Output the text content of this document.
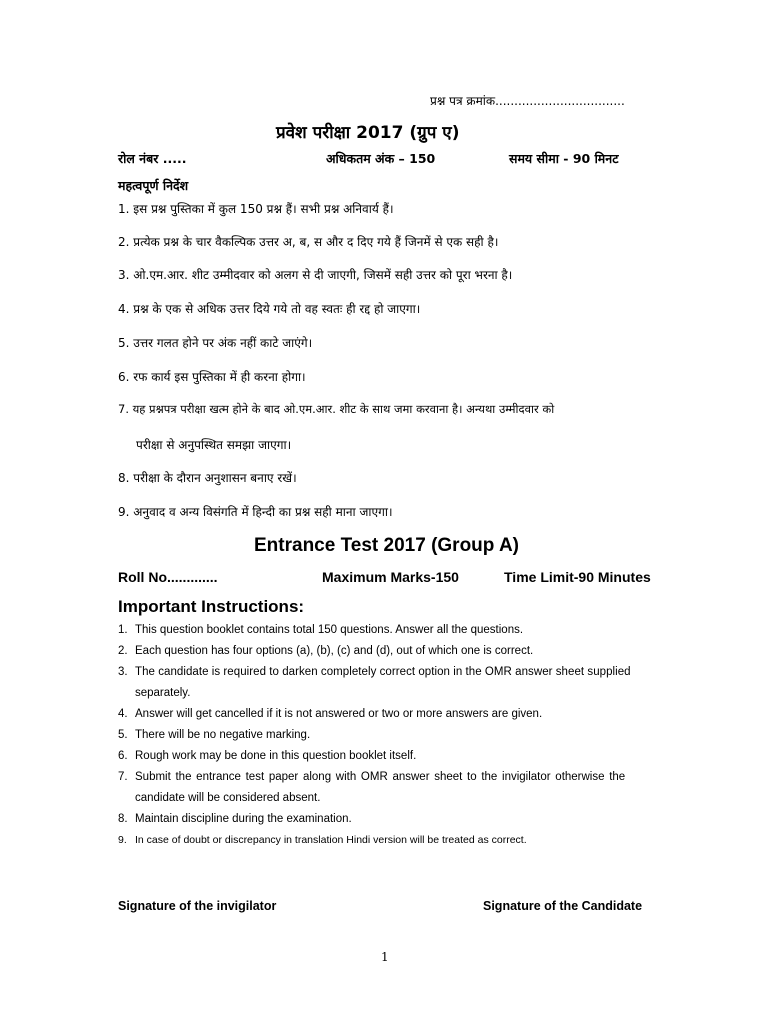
प्रश्न पत्र क्रमांक..................................
प्रवेश परीक्षा 2017 (ग्रुप ए)
रोल नंबर .....	अधिकतम अंक – 150	समय सीमा - 90 मिनट
महत्वपूर्ण निर्देश
1. इस प्रश्न पुस्तिका में कुल 150 प्रश्न हैं। सभी प्रश्न अनिवार्य हैं।
2. प्रत्येक प्रश्न के चार वैकल्पिक उत्तर अ, ब, स और द दिए गये हैं जिनमें से एक सही है।
3. ओ.एम.आर. शीट उम्मीदवार को अलग से दी जाएगी, जिसमें सही उत्तर को पूरा भरना है।
4. प्रश्न के एक से अधिक उत्तर दिये गये तो वह स्वतः ही रद्द हो जाएगा।
5. उत्तर गलत होने पर अंक नहीं काटे जाएंगे।
6. रफ कार्य इस पुस्तिका में ही करना होगा।
7. यह प्रश्नपत्र परीक्षा खत्म होने के बाद ओ.एम.आर. शीट के साथ जमा करवाना है। अन्यथा उम्मीदवार को
परीक्षा से अनुपस्थित समझा जाएगा।
8. परीक्षा के दौरान अनुशासन बनाए रखें।
9. अनुवाद व अन्य विसंगति में हिन्दी का प्रश्न सही माना जाएगा।
Entrance Test 2017 (Group A)
Roll No.............	Maximum Marks-150	Time Limit-90 Minutes
Important Instructions:
1. This question booklet contains total 150 questions. Answer all the questions.
2. Each question has four options (a), (b), (c) and (d), out of which one is correct.
3. The candidate is required to darken completely correct option in the OMR answer sheet supplied
separately.
4. Answer will get cancelled if it is not answered or two or more answers are given.
5. There will be no negative marking.
6. Rough work may be done in this question booklet itself.
7. Submit the entrance test paper along with OMR answer sheet to the invigilator otherwise the
candidate will be considered absent.
8. Maintain discipline during the examination.
9. In case of doubt or discrepancy in translation Hindi version will be treated as correct.
Signature of the invigilator	Signature of the Candidate
1
